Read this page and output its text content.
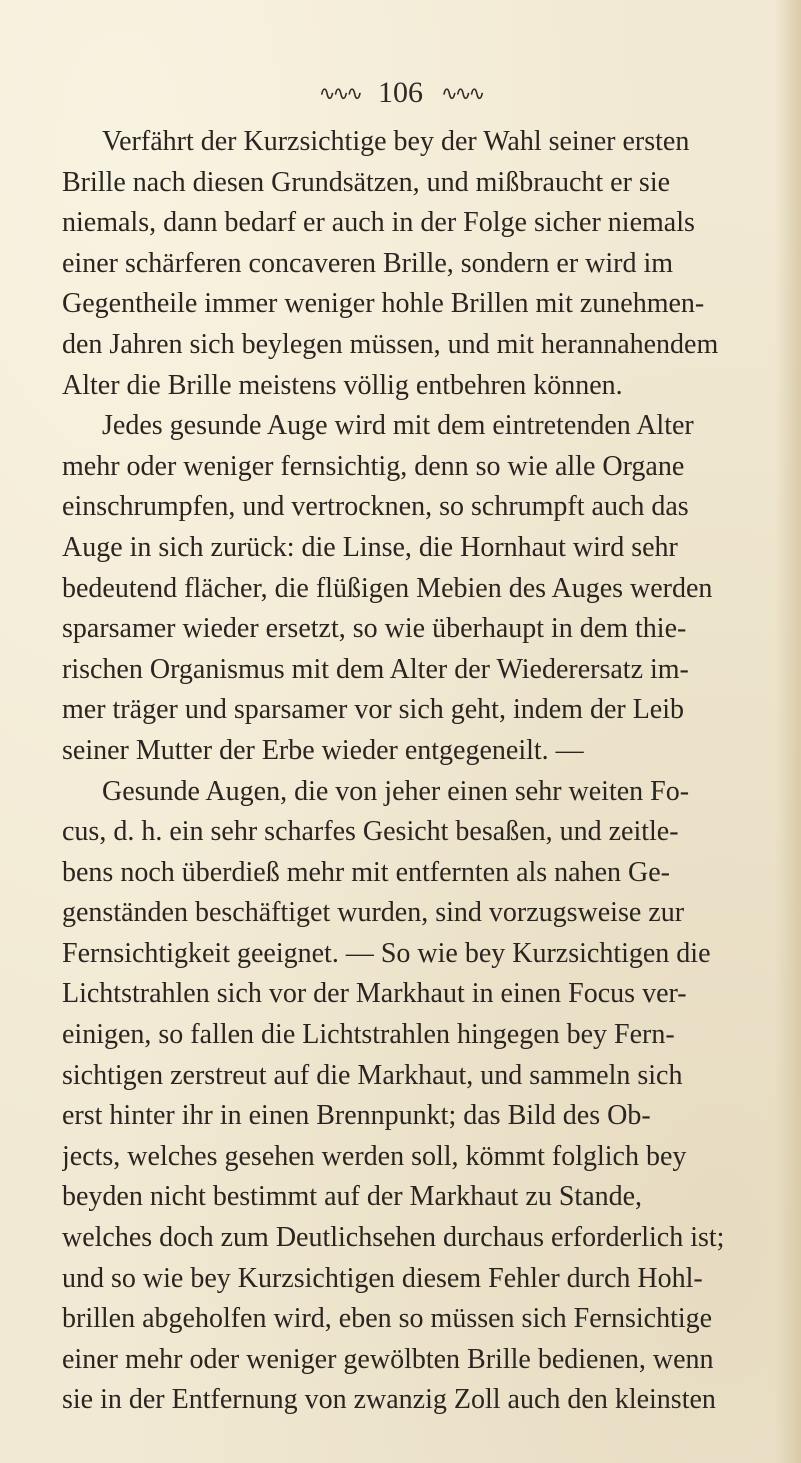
∿∿∿ 106 ∿∿∿
Verfährt der Kurzsichtige bey der Wahl seiner ersten
Brille nach diesen Grundsätzen, und mißbraucht er sie
niemals, dann bedarf er auch in der Folge sicher niemals
einer schärferen concaveren Brille, sondern er wird im
Gegentheile immer weniger hohle Brillen mit zunehmen-
den Jahren sich beylegen müssen, und mit herannahendem
Alter die Brille meistens völlig entbehren können.
Jedes gesunde Auge wird mit dem eintretenden Alter
mehr oder weniger fernsichtig, denn so wie alle Organe
einschrumpfen, und vertrocknen, so schrumpft auch das
Auge in sich zurück: die Linse, die Hornhaut wird sehr
bedeutend flächer, die flüßigen Mebien des Auges werden
sparsamer wieder ersetzt, so wie überhaupt in dem thie-
rischen Organismus mit dem Alter der Wiederersatz im-
mer träger und sparsamer vor sich geht, indem der Leib
seiner Mutter der Erbe wieder entgegeneilt. —
Gesunde Augen, die von jeher einen sehr weiten Fo-
cus, d. h. ein sehr scharfes Gesicht besaßen, und zeitle-
bens noch überdieß mehr mit entfernten als nahen Ge-
genständen beschäftiget wurden, sind vorzugsweise zur
Fernsichtigkeit geeignet. — So wie bey Kurzsichtigen die
Lichtstrahlen sich vor der Markhaut in einen Focus ver-
einigen, so fallen die Lichtstrahlen hingegen bey Fern-
sichtigen zerstreut auf die Markhaut, und sammeln sich
erst hinter ihr in einen Brennpunkt; das Bild des Ob-
jects, welches gesehen werden soll, kömmt folglich bey
beyden nicht bestimmt auf der Markhaut zu Stande,
welches doch zum Deutlichsehen durchaus erforderlich ist;
und so wie bey Kurzsichtigen diesem Fehler durch Hohl-
brillen abgeholfen wird, eben so müssen sich Fernsichtige
einer mehr oder weniger gewölbten Brille bedienen, wenn
sie in der Entfernung von zwanzig Zoll auch den kleinsten
